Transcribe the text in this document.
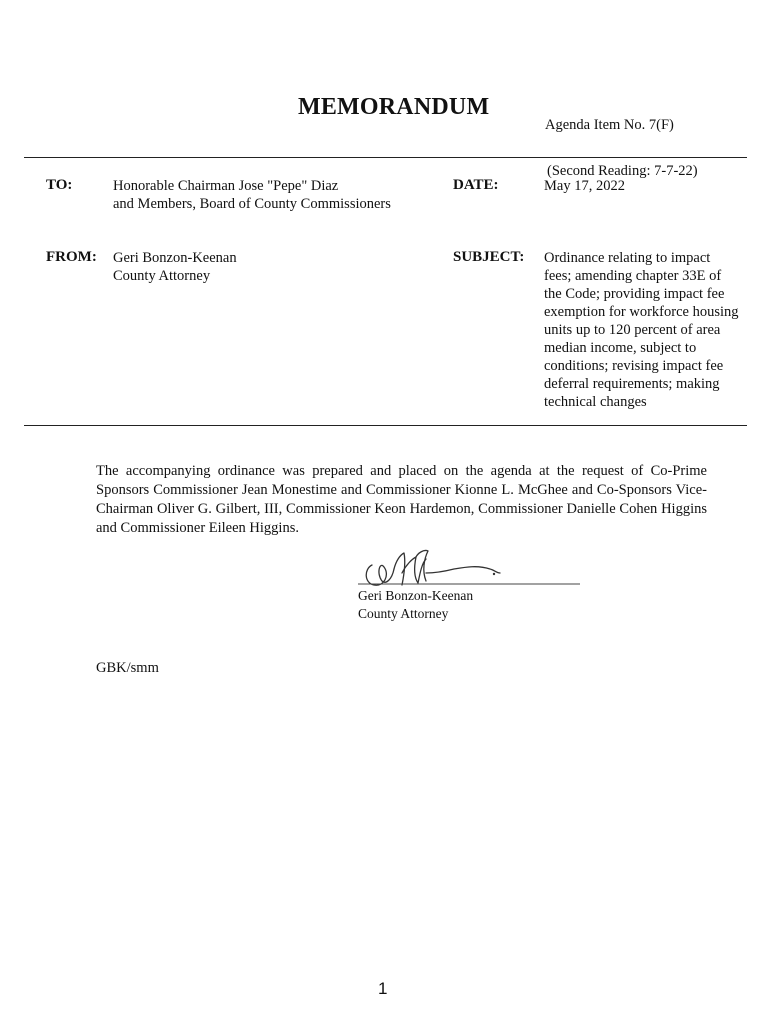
MEMORANDUM
Agenda Item No. 7(F)
TO:	Honorable Chairman Jose "Pepe" Diaz
and Members, Board of County Commissioners
DATE:
(Second Reading: 7-7-22)
May 17, 2022
FROM: Geri Bonzon-Keenan
County Attorney
SUBJECT: Ordinance relating to impact
fees; amending chapter 33E of
the Code; providing impact fee
exemption for workforce housing
units up to 120 percent of area
median income, subject to
conditions; revising impact fee
deferral requirements; making
technical changes
The accompanying ordinance was prepared and placed on the agenda at the request of Co-Prime Sponsors Commissioner Jean Monestime and Commissioner Kionne L. McGhee and Co-Sponsors Vice-Chairman Oliver G. Gilbert, III, Commissioner Keon Hardemon, Commissioner Danielle Cohen Higgins and Commissioner Eileen Higgins.
Geri Bonzon-Keenan
County Attorney
GBK/smm
1
